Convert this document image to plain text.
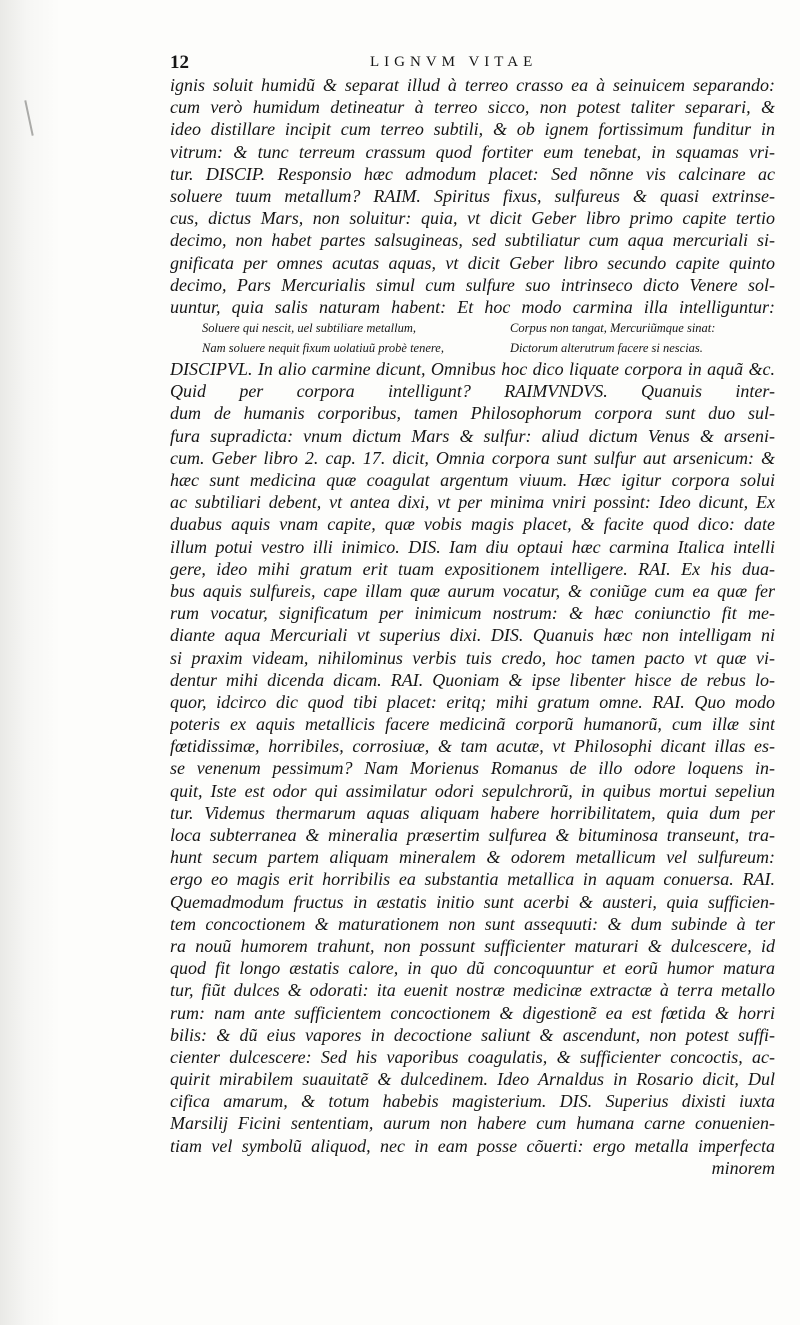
12	LIGNVM VITAE
ignis soluit humidũ & separat illud à terreo crasso ea à seinuicem separando:
cum verò humidum detineatur à terreo sicco, non potest taliter separari, &
ideo distillare incipit cum terreo subtili, & ob ignem fortissimum funditur in
vitrum: & tunc terreum crassum quod fortiter eum tenebat, in squamas vri-
tur. DISCIP. Responsio hæc admodum placet: Sed nõnne vis calcinare ac
soluere tuum metallum? RAIM. Spiritus fixus, sulfureus & quasi extrinse-
cus, dictus Mars, non soluitur: quia, vt dicit Geber libro primo capite tertio
decimo, non habet partes salsugineas, sed subtiliatur cum aqua mercuriali si-
gnificata per omnes acutas aquas, vt dicit Geber libro secundo capite quinto
decimo, Pars Mercurialis simul cum sulfure suo intrinseco dicto Venere sol-
uuntur, quia salis naturam habent: Et hoc modo carmina illa intelliguntur:
Soluere qui nescit, uel subtiliare metallum,	Corpus non tangat, Mercuriũmque sinat:
Nam soluere nequit fixum uolatiuũ probè tenere,	Dictorum alterutrum facere si nescias.
DISCIPVL. In alio carmine dicunt, Omnibus hoc dico liquate corpora in aquã &c.
Quid per corpora intelligunt? RAIMVNDVS. Quanuis inter-
dum de humanis corporibus, tamen Philosophorum corpora sunt duo sul-
fura supradicta: vnum dictum Mars & sulfur: aliud dictum Venus & arseni-
cum. Geber libro 2. cap. 17. dicit, Omnia corpora sunt sulfur aut arsenicum: &
hæc sunt medicina quæ coagulat argentum viuum. Hæc igitur corpora solui
ac subtiliari debent, vt antea dixi, vt per minima vniri possint: Ideo dicunt, Ex
duabus aquis vnam capite, quæ vobis magis placet, & facite quod dico: date
illum potui vestro illi inimico. DIS. Iam diu optaui hæc carmina Italica intelli
gere, ideo mihi gratum erit tuam expositionem intelligere. RAI. Ex his dua-
bus aquis sulfureis, cape illam quæ aurum vocatur, & coniũge cum ea quæ fer
rum vocatur, significatum per inimicum nostrum: & hæc coniunctio fit me-
diante aqua Mercuriali vt superius dixi. DIS. Quanuis hæc non intelligam ni
si praxim videam, nihilominus verbis tuis credo, hoc tamen pacto vt quæ vi-
dentur mihi dicenda dicam. RAI. Quoniam & ipse libenter hisce de rebus lo-
quor, idcirco dic quod tibi placet: eritq; mihi gratum omne. RAI. Quo modo
poteris ex aquis metallicis facere medicinã corporũ humanorũ, cum illæ sint
fœtidissimæ, horribiles, corrosiuæ, & tam acutæ, vt Philosophi dicant illas es-
se venenum pessimum? Nam Morienus Romanus de illo odore loquens in-
quit, Iste est odor qui assimilatur odori sepulchrorũ, in quibus mortui sepeliun
tur. Videmus thermarum aquas aliquam habere horribilitatem, quia dum per
loca subterranea & mineralia præsertim sulfurea & bituminosa transeunt, tra-
hunt secum partem aliquam mineralem & odorem metallicum vel sulfureum:
ergo eo magis erit horribilis ea substantia metallica in aquam conuersa. RAI.
Quemadmodum fructus in æstatis initio sunt acerbi & austeri, quia sufficien-
tem concoctionem & maturationem non sunt assequuti: & dum subinde à ter
ra nouũ humorem trahunt, non possunt sufficienter maturari & dulcescere, id
quod fit longo æstatis calore, in quo dũ concoquuntur et eorũ humor matura
tur, fiũt dulces & odorati: ita euenit nostræ medicinæ extractæ à terra metallo
rum: nam ante sufficientem concoctionem & digestionẽ ea est fœtida & horri
bilis: & dũ eius vapores in decoctione saliunt & ascendunt, non potest suffi-
cienter dulcescere: Sed his vaporibus coagulatis, & sufficienter concoctis, ac-
quirit mirabilem suauitatẽ & dulcedinem. Ideo Arnaldus in Rosario dicit, Dul
cifica amarum, & totum habebis magisterium. DIS. Superius dixisti iuxta
Marsilij Ficini sententiam, aurum non habere cum humana carne conuenien-
tiam vel symbolũ aliquod, nec in eam posse cõuerti: ergo metalla imperfecta
minorem
